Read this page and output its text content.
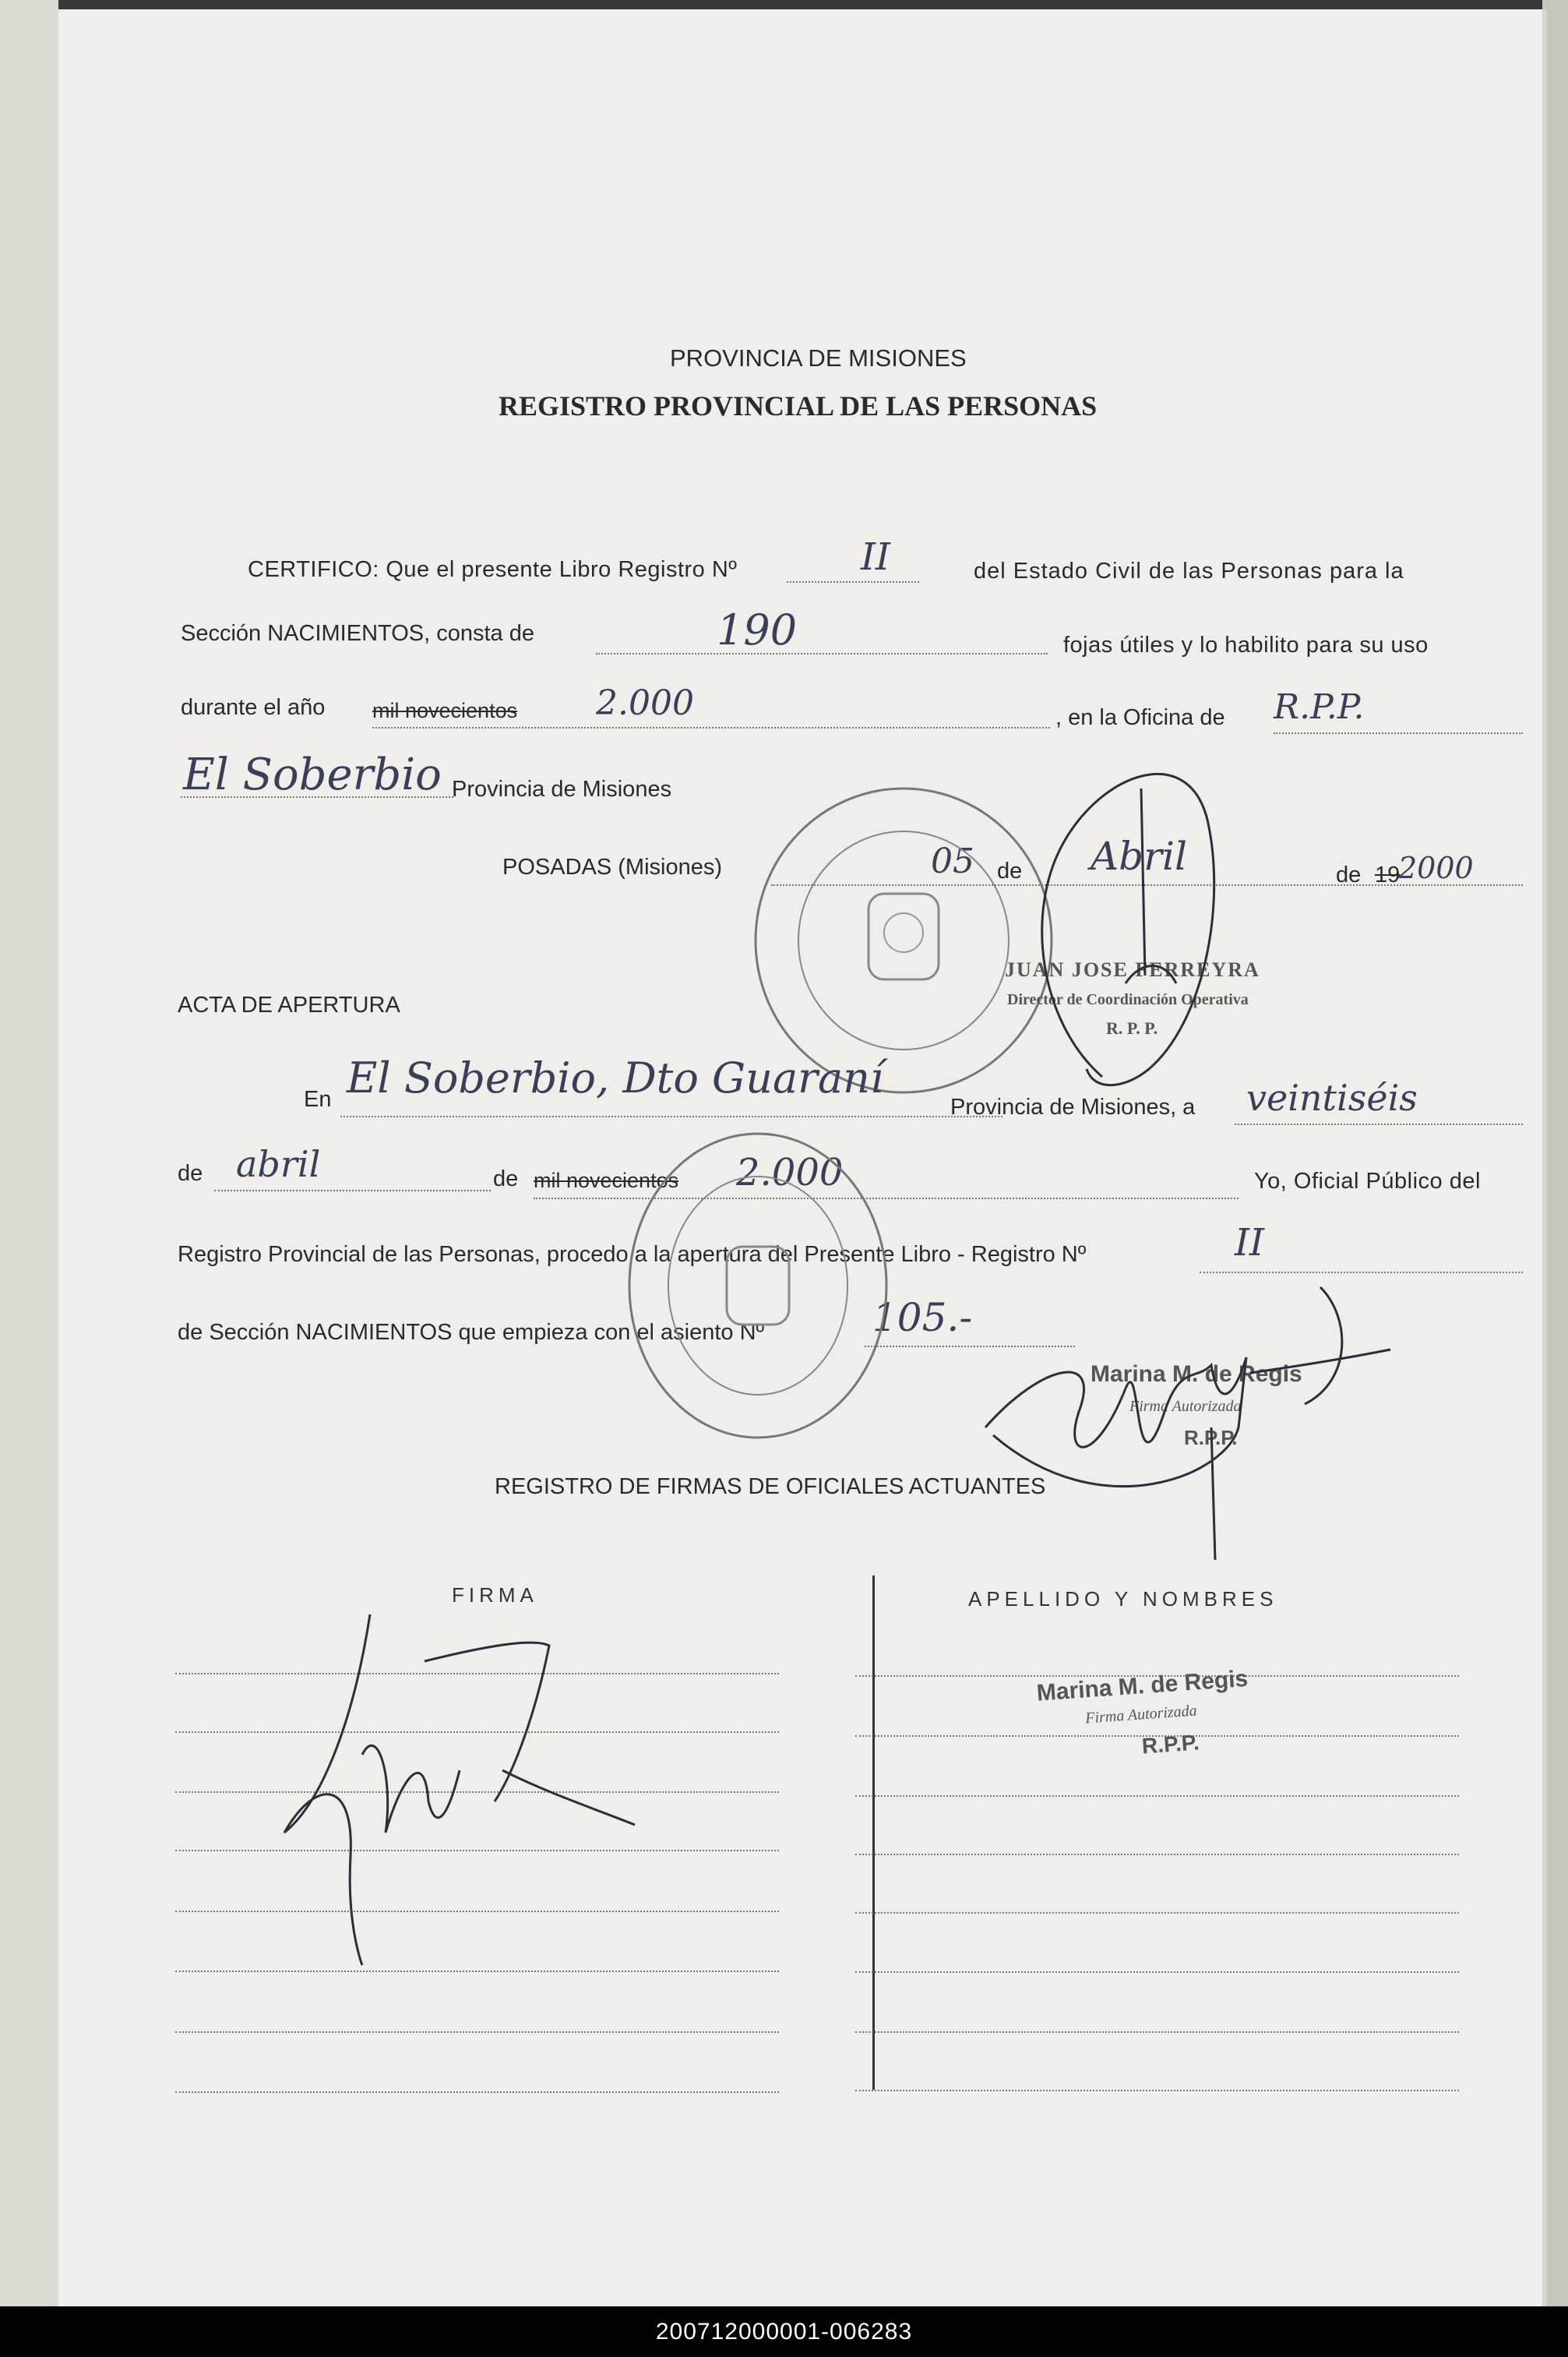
PROVINCIA DE MISIONES
REGISTRO PROVINCIAL DE LAS PERSONAS
CERTIFICO: Que el presente Libro Registro Nº	II	del Estado Civil de las Personas para la
Sección NACIMIENTOS, consta de	190	fojas útiles y lo habilito para su uso
durante el año mil novecientos 2.000	, en la Oficina de R.P.P.
El Soberbio Provincia de Misiones
POSADAS (Misiones)	05 de Abril	de 19
2000
JUAN JOSE FERREYRA
Director de Coordinación Operativa
R. P. P.
ACTA DE APERTURA
En El Soberbio, Dto Guaraní
Provincia de Misiones, a veintiséis
de abril	de mil novecientos 2.000	Yo, Oficial Público del
Registro Provincial de las Personas, procedo a la apertura del Presente Libro - Registro Nº	II
de Sección NACIMIENTOS que empieza con el asiento Nº	105.-
Marina M. de Regis
Firma Autorizada
R.P.P.
REGISTRO DE FIRMAS DE OFICIALES ACTUANTES
FIRMA	APELLIDO Y NOMBRES
Marina M. de Regis
Firma Autorizada
R.P.P.
200712000001-006283
